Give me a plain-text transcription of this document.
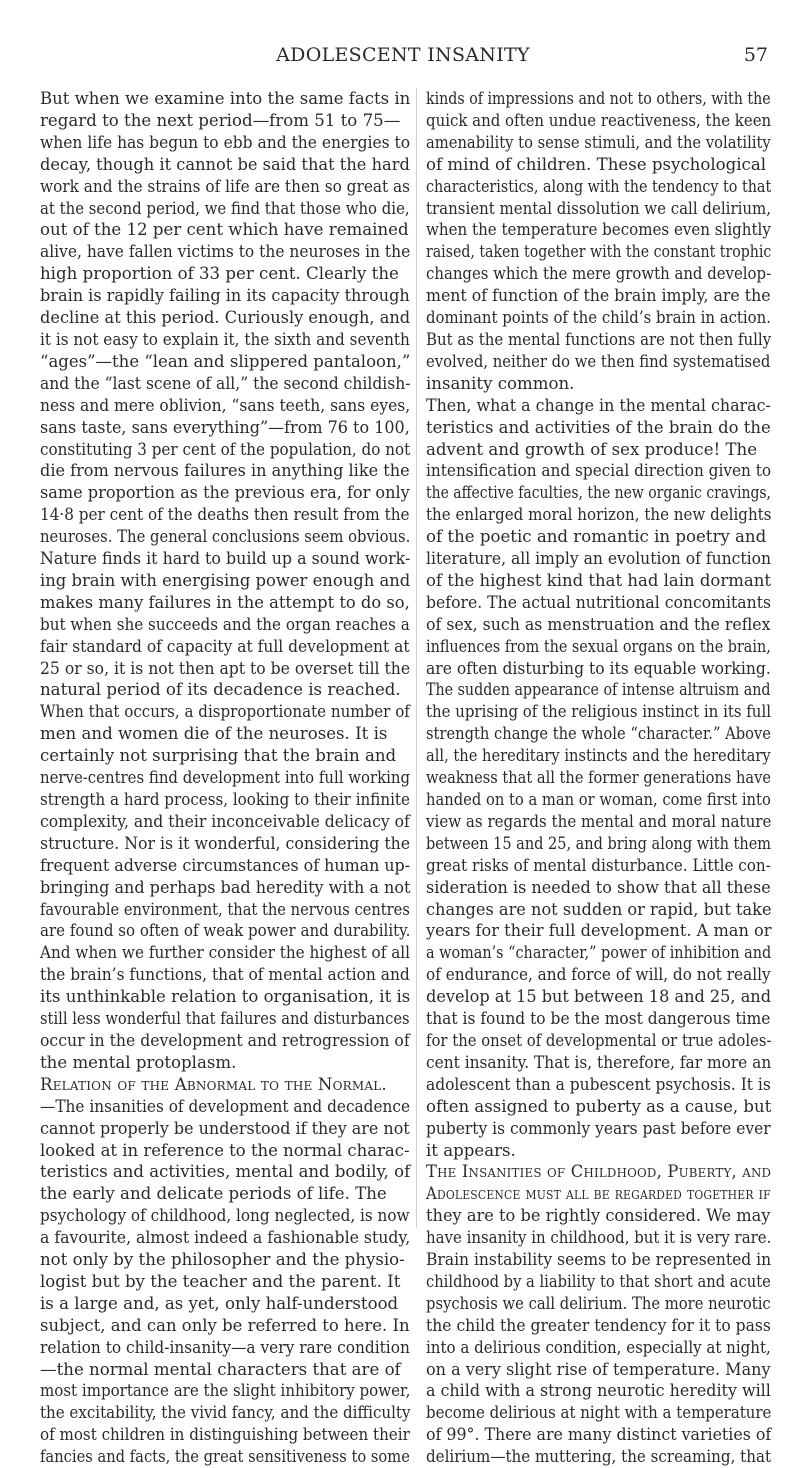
ADOLESCENT INSANITY	57

But when we examine into the same facts in

regard to the next period—from 51 to 75—

when life has begun to ebb and the energies to

decay, though it cannot be said that the hard

work and the strains of life are then so great as

at the second period, we find that those who die,

out of the 12 per cent which have remained

alive, have fallen victims to the neuroses in the

high proportion of 33 per cent. Clearly the

brain is rapidly failing in its capacity through

decline at this period. Curiously enough, and

it is not easy to explain it, the sixth and seventh

“ages”—the “lean and slippered pantaloon,”

and the “last scene of all,” the second childish-

ness and mere oblivion, “sans teeth, sans eyes,

sans taste, sans everything”—from 76 to 100,

constituting 3 per cent of the population, do not

die from nervous failures in anything like the

same proportion as the previous era, for only

14·8 per cent of the deaths then result from the

neuroses. The general conclusions seem obvious.

Nature finds it hard to build up a sound work-

ing brain with energising power enough and

makes many failures in the attempt to do so,

but when she succeeds and the organ reaches a

fair standard of capacity at full development at

25 or so, it is not then apt to be overset till the

natural period of its decadence is reached.

When that occurs, a disproportionate number of

men and women die of the neuroses. It is

certainly not surprising that the brain and

nerve-centres find development into full working

strength a hard process, looking to their infinite

complexity, and their inconceivable delicacy of

structure. Nor is it wonderful, considering the

frequent adverse circumstances of human up-

bringing and perhaps bad heredity with a not

favourable environment, that the nervous centres

are found so often of weak power and durability.

And when we further consider the highest of all

the brain’s functions, that of mental action and

its unthinkable relation to organisation, it is

still less wonderful that failures and disturbances

occur in the development and retrogression of

the mental protoplasm.

Relation of the Abnormal to the Normal.

—The insanities of development and decadence

cannot properly be understood if they are not

looked at in reference to the normal charac-

teristics and activities, mental and bodily, of

the early and delicate periods of life. The

psychology of childhood, long neglected, is now

a favourite, almost indeed a fashionable study,

not only by the philosopher and the physio-

logist but by the teacher and the parent. It

is a large and, as yet, only half-understood

subject, and can only be referred to here. In

relation to child-insanity—a very rare condition

—the normal mental characters that are of

most importance are the slight inhibitory power,

the excitability, the vivid fancy, and the difficulty

of most children in distinguishing between their

fancies and facts, the great sensitiveness to some

kinds of impressions and not to others, with the

quick and often undue reactiveness, the keen

amenability to sense stimuli, and the volatility

of mind of children. These psychological

characteristics, along with the tendency to that

transient mental dissolution we call delirium,

when the temperature becomes even slightly

raised, taken together with the constant trophic

changes which the mere growth and develop-

ment of function of the brain imply, are the

dominant points of the child’s brain in action.

But as the mental functions are not then fully

evolved, neither do we then find systematised

insanity common.

Then, what a change in the mental charac-

teristics and activities of the brain do the

advent and growth of sex produce! The

intensification and special direction given to

the affective faculties, the new organic cravings,

the enlarged moral horizon, the new delights

of the poetic and romantic in poetry and

literature, all imply an evolution of function

of the highest kind that had lain dormant

before. The actual nutritional concomitants

of sex, such as menstruation and the reflex

influences from the sexual organs on the brain,

are often disturbing to its equable working.

The sudden appearance of intense altruism and

the uprising of the religious instinct in its full

strength change the whole “character.” Above

all, the hereditary instincts and the hereditary

weakness that all the former generations have

handed on to a man or woman, come first into

view as regards the mental and moral nature

between 15 and 25, and bring along with them

great risks of mental disturbance. Little con-

sideration is needed to show that all these

changes are not sudden or rapid, but take

years for their full development. A man or

a woman’s “character,” power of inhibition and

of endurance, and force of will, do not really

develop at 15 but between 18 and 25, and

that is found to be the most dangerous time

for the onset of developmental or true adoles-

cent insanity. That is, therefore, far more an

adolescent than a pubescent psychosis. It is

often assigned to puberty as a cause, but

puberty is commonly years past before ever

it appears.

The Insanities of Childhood, Puberty, and

Adolescence must all be regarded together if

they are to be rightly considered. We may

have insanity in childhood, but it is very rare.

Brain instability seems to be represented in

childhood by a liability to that short and acute

psychosis we call delirium. The more neurotic

the child the greater tendency for it to pass

into a delirious condition, especially at night,

on a very slight rise of temperature. Many

a child with a strong neurotic heredity will

become delirious at night with a temperature

of 99°. There are many distinct varieties of

delirium—the muttering, the screaming, that
